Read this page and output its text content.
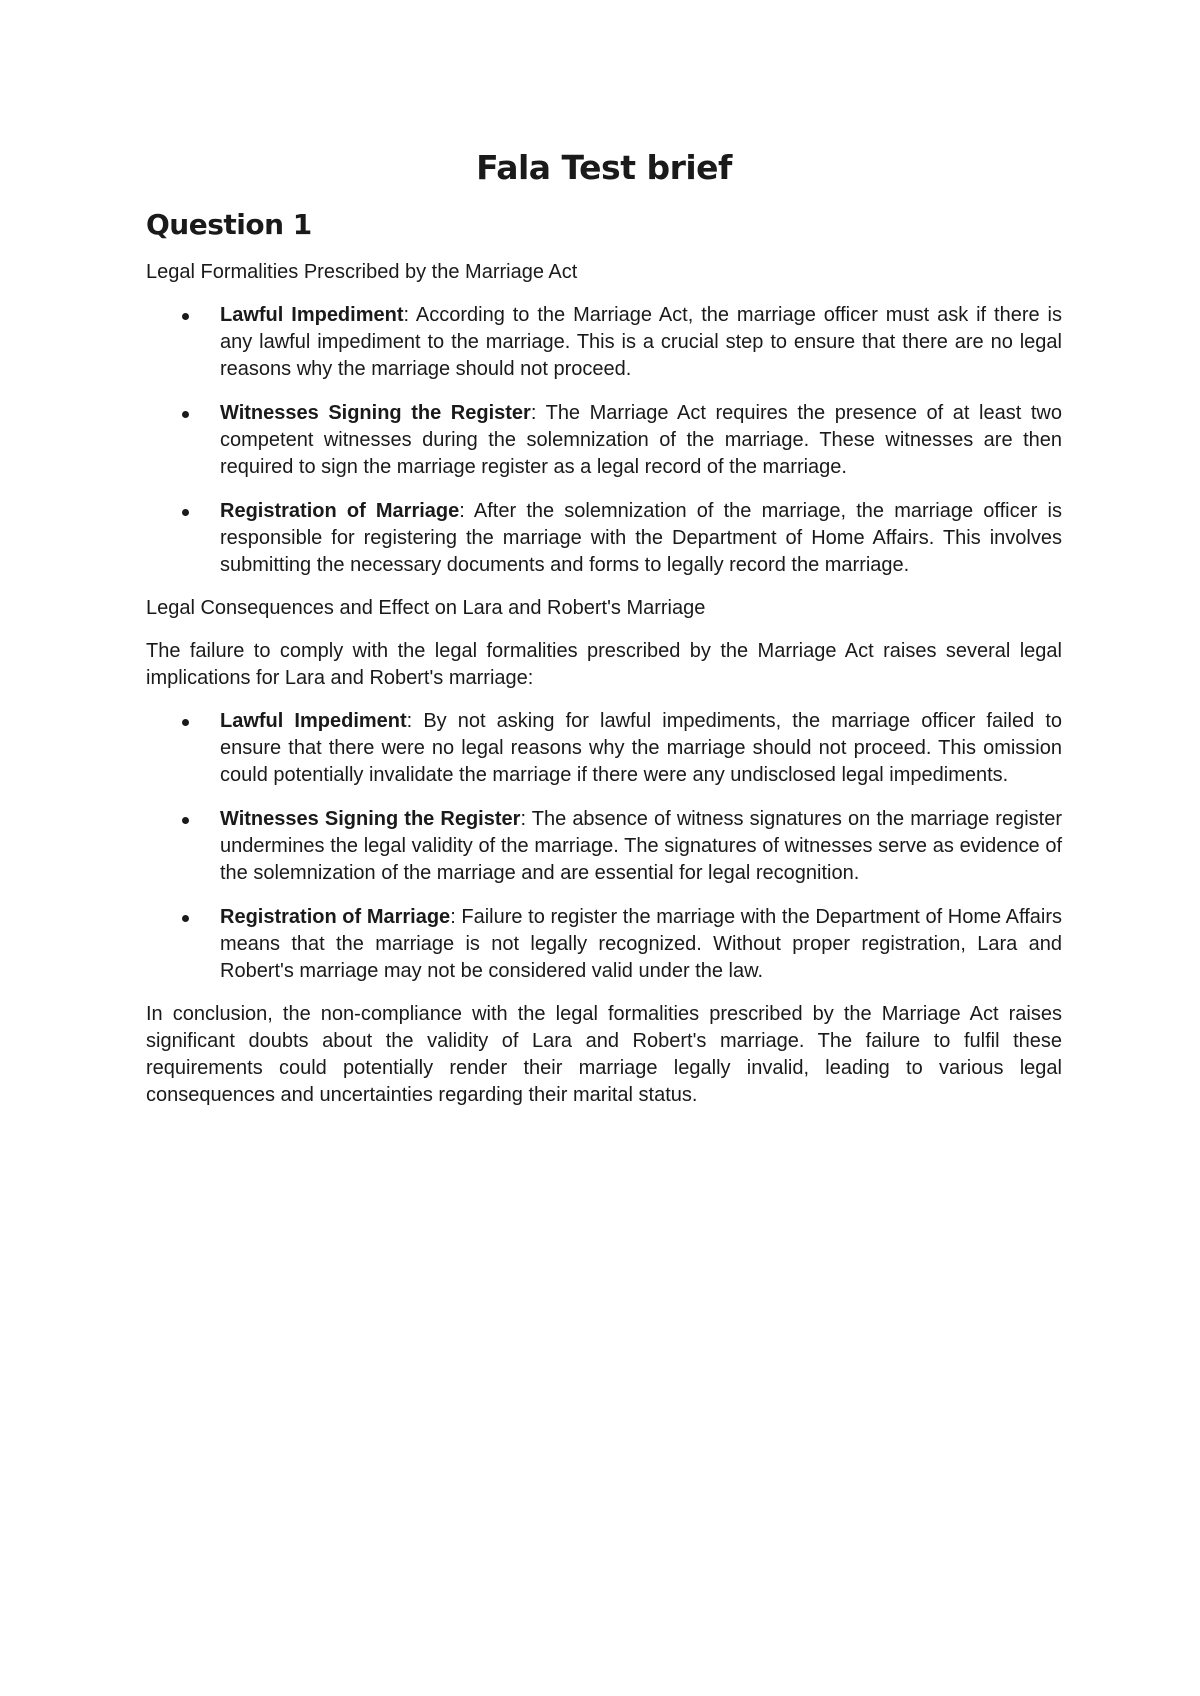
Fala Test brief
Question 1

Legal Formalities Prescribed by the Marriage Act

Lawful Impediment: According to the Marriage Act, the marriage officer must ask if there is any lawful impediment to the marriage. This is a crucial step to ensure that there are no legal reasons why the marriage should not proceed.
Witnesses Signing the Register: The Marriage Act requires the presence of at least two competent witnesses during the solemnization of the marriage. These witnesses are then required to sign the marriage register as a legal record of the marriage.
Registration of Marriage: After the solemnization of the marriage, the marriage officer is responsible for registering the marriage with the Department of Home Affairs. This involves submitting the necessary documents and forms to legally record the marriage.

Legal Consequences and Effect on Lara and Robert's Marriage

The failure to comply with the legal formalities prescribed by the Marriage Act raises several legal implications for Lara and Robert's marriage:

Lawful Impediment: By not asking for lawful impediments, the marriage officer failed to ensure that there were no legal reasons why the marriage should not proceed. This omission could potentially invalidate the marriage if there were any undisclosed legal impediments.
Witnesses Signing the Register: The absence of witness signatures on the marriage register undermines the legal validity of the marriage. The signatures of witnesses serve as evidence of the solemnization of the marriage and are essential for legal recognition.
Registration of Marriage: Failure to register the marriage with the Department of Home Affairs means that the marriage is not legally recognized. Without proper registration, Lara and Robert's marriage may not be considered valid under the law.

In conclusion, the non-compliance with the legal formalities prescribed by the Marriage Act raises significant doubts about the validity of Lara and Robert's marriage. The failure to fulfil these requirements could potentially render their marriage legally invalid, leading to various legal consequences and uncertainties regarding their marital status.
